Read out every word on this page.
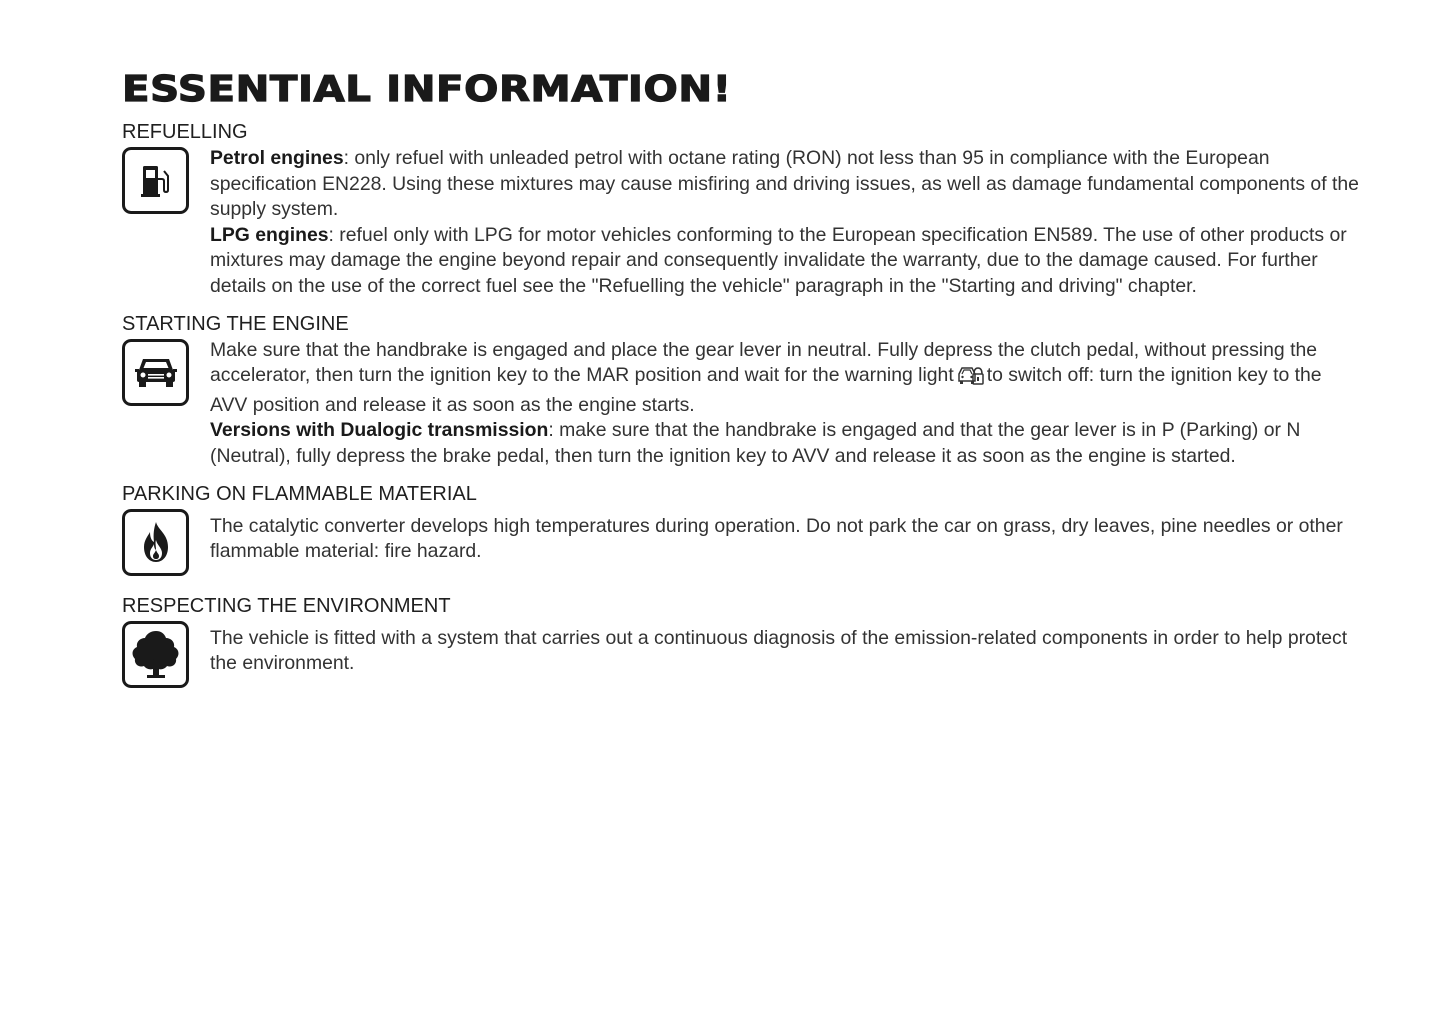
ESSENTIAL INFORMATION!
REFUELLING

Petrol engines: only refuel with unleaded petrol with octane rating (RON) not less than 95 in compliance with the European specification EN228. Using these mixtures may cause misfiring and driving issues, as well as damage fundamental components of the supply system.

LPG engines: refuel only with LPG for motor vehicles conforming to the European specification EN589. The use of other products or mixtures may damage the engine beyond repair and consequently invalidate the warranty, due to the damage caused. For further details on the use of the correct fuel see the "Refuelling the vehicle" paragraph in the "Starting and driving" chapter.

STARTING THE ENGINE

Make sure that the handbrake is engaged and place the gear lever in neutral. Fully depress the clutch pedal, without pressing the accelerator, then turn the ignition key to the MAR position and wait for the warning light to switch off: turn the ignition key to the AVV position and release it as soon as the engine starts.

Versions with Dualogic transmission: make sure that the handbrake is engaged and that the gear lever is in P (Parking) or N (Neutral), fully depress the brake pedal, then turn the ignition key to AVV and release it as soon as the engine is started.

PARKING ON FLAMMABLE MATERIAL

The catalytic converter develops high temperatures during operation. Do not park the car on grass, dry leaves, pine needles or other flammable material: fire hazard.

RESPECTING THE ENVIRONMENT

The vehicle is fitted with a system that carries out a continuous diagnosis of the emission-related components in order to help protect the environment.
